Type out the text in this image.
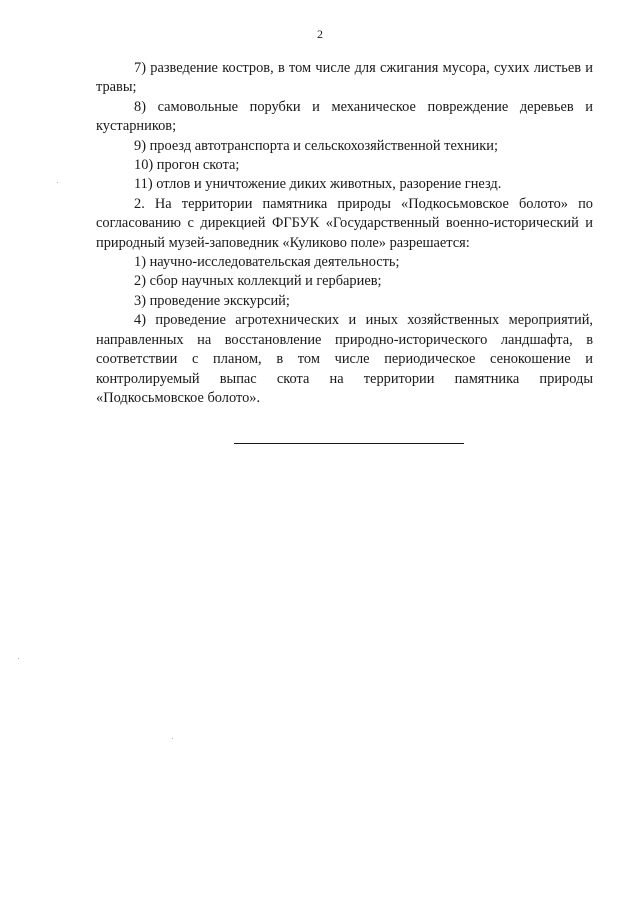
2

7) разведение костров, в том числе для сжигания мусора, сухих листьев и травы;

8) самовольные порубки и механическое повреждение деревьев и кустарников;

9) проезд автотранспорта и сельскохозяйственной техники;

10) прогон скота;

11) отлов и уничтожение диких животных, разорение гнезд.

2. На территории памятника природы «Подкосьмовское болото» по согласованию с дирекцией ФГБУК «Государственный военно-исторический и природный музей-заповедник «Куликово поле» разрешается:

1) научно-исследовательская деятельность;

2) сбор научных коллекций и гербариев;

3) проведение экскурсий;

4) проведение агротехнических и иных хозяйственных мероприятий, направленных на восстановление природно-исторического ландшафта, в соответствии с планом, в том числе периодическое сенокошение и контролируемый выпас скота на территории памятника природы «Подкосьмовское болото».
